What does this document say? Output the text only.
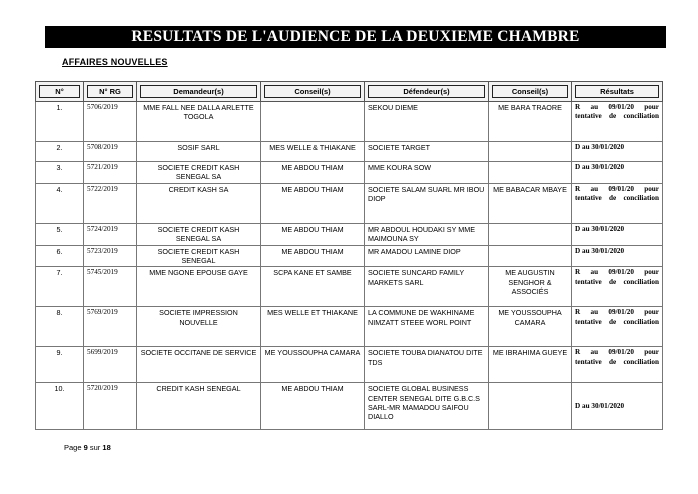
RESULTATS DE L'AUDIENCE DE LA DEUXIEME CHAMBRE
AFFAIRES NOUVELLES
N°	N° RG	Demandeur(s)	Conseil(s)	Défendeur(s)	Conseil(s)	Résultats

1.	5706/2019	MME FALL NEE DALLA ARLETTE TOGOLA		SEKOU DIEME	ME BARA TRAORE	R au 09/01/20 pour tentative de conciliation
2.	5708/2019	SOSIF SARL	MES WELLE & THIAKANE	SOCIETE TARGET		D au 30/01/2020
3.	5721/2019	SOCIETE CREDIT KASH SENEGAL SA	ME ABDOU THIAM	MME KOURA SOW		D au 30/01/2020
4.	5722/2019	CREDIT KASH SA	ME ABDOU THIAM	SOCIETE SALAM SUARL MR IBOU DIOP	ME BABACAR MBAYE	R au 09/01/20 pour tentative de conciliation
5.	5724/2019	SOCIETE CREDIT KASH SENEGAL SA	ME ABDOU THIAM	MR ABDOUL HOUDAKI SY MME MAIMOUNA SY		D au 30/01/2020
6.	5723/2019	SOCIETE CREDIT KASH SENEGAL	ME ABDOU THIAM	MR AMADOU LAMINE DIOP		D au 30/01/2020
7.	5745/2019	MME NGONE EPOUSE GAYE	SCPA KANE ET SAMBE	SOCIETE SUNCARD FAMILY MARKETS SARL	ME AUGUSTIN SENGHOR & ASSOCIÉS	R au 09/01/20 pour tentative de conciliation
8.	5769/2019	SOCIETE IMPRESSION NOUVELLE	MES WELLE ET THIAKANE	LA COMMUNE DE WAKHINAME NIMZATT STEEE WORL POINT	ME YOUSSOUPHA CAMARA	R au 09/01/20 pour tentative de conciliation
9.	5699/2019	SOCIETE OCCITANE DE SERVICE	ME YOUSSOUPHA CAMARA	SOCIETE TOUBA DIANATOU DITE TDS	ME IBRAHIMA GUEYE	R au 09/01/20 pour tentative de conciliation
10.	5720/2019	CREDIT KASH SENEGAL	ME ABDOU THIAM	SOCIETE GLOBAL BUSINESS CENTER SENEGAL DITE G.B.C.S SARL-MR MAMADOU SAIFOU DIALLO		D au 30/01/2020
Page 9 sur 18
